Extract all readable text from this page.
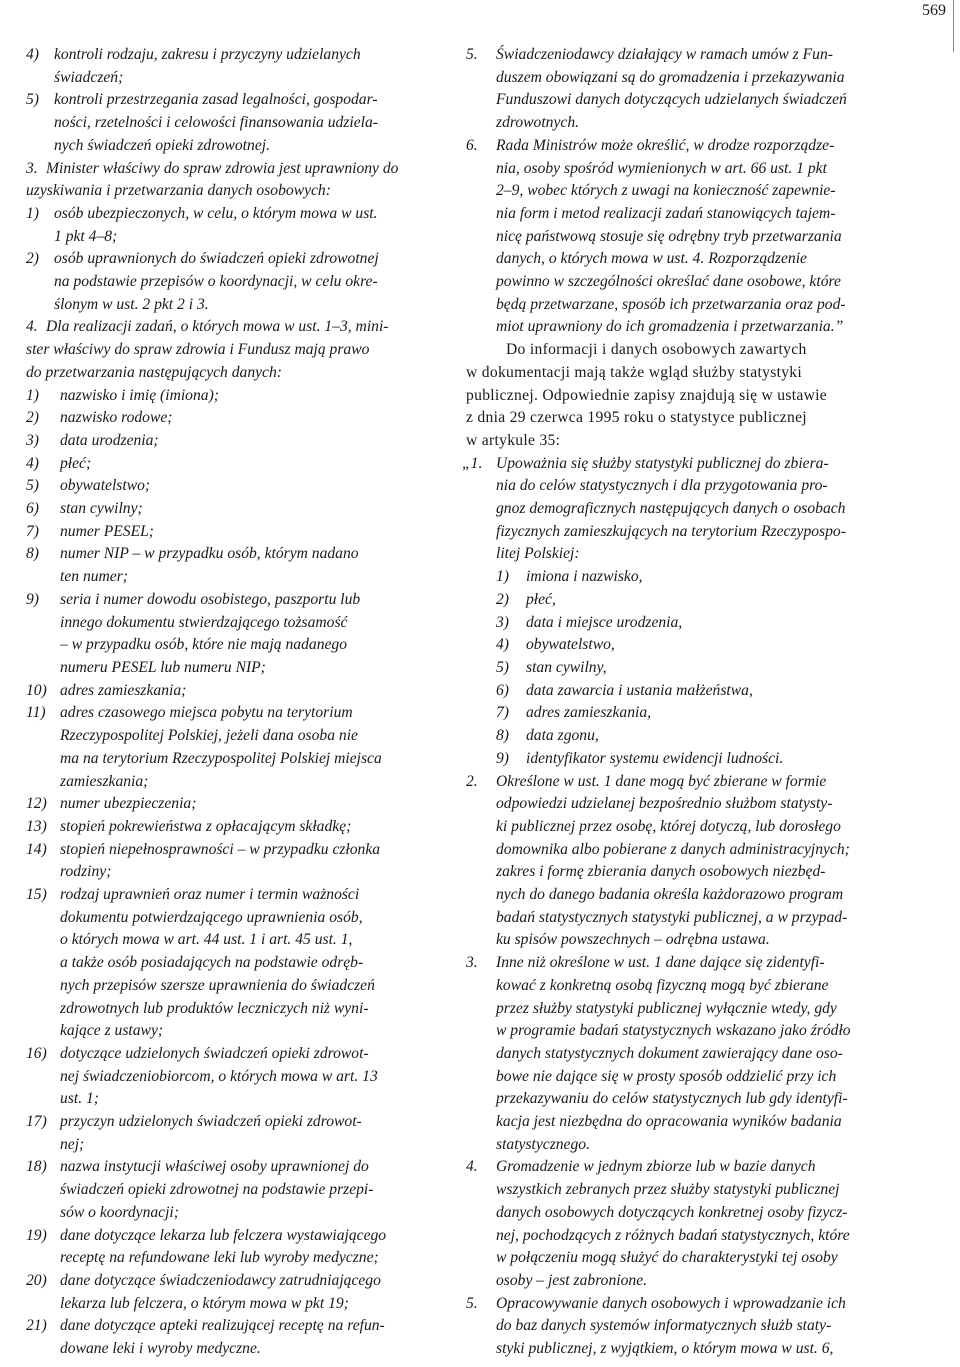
569
4) kontroli rodzaju, zakresu i przyczyny udzielanych
świadczeń;
5) kontroli przestrzegania zasad legalności, gospodar-
ności, rzetelności i celowości finansowania udziela-
nych świadczeń opieki zdrowotnej.
3. Minister właściwy do spraw zdrowia jest uprawniony do
uzyskiwania i przetwarzania danych osobowych:
1) osób ubezpieczonych, w celu, o którym mowa w ust.
1 pkt 4–8;
2) osób uprawnionych do świadczeń opieki zdrowotnej
na podstawie przepisów o koordynacji, w celu okre-
ślonym w ust. 2 pkt 2 i 3.
4. Dla realizacji zadań, o których mowa w ust. 1–3, mini-
ster właściwy do spraw zdrowia i Fundusz mają prawo
do przetwarzania następujących danych:
1)	nazwisko i imię (imiona);
2)	nazwisko rodowe;
3)	data urodzenia;
4)	płeć;
5)	obywatelstwo;
6)	stan cywilny;
7)	numer PESEL;
8)	numer NIP – w przypadku osób, którym nadano
ten numer;
9)	seria i numer dowodu osobistego, paszportu lub
innego dokumentu stwierdzającego tożsamość
– w przypadku osób, które nie mają nadanego
numeru PESEL lub numeru NIP;
10) adres zamieszkania;
11) adres czasowego miejsca pobytu na terytorium
Rzeczypospolitej Polskiej, jeżeli dana osoba nie
ma na terytorium Rzeczypospolitej Polskiej miejsca
zamieszkania;
12) numer ubezpieczenia;
13) stopień pokrewieństwa z opłacającym składkę;
14) stopień niepełnosprawności – w przypadku członka
rodziny;
15) rodzaj uprawnień oraz numer i termin ważności
dokumentu potwierdzającego uprawnienia osób,
o których mowa w art. 44 ust. 1 i art. 45 ust. 1,
a także osób posiadających na podstawie odręb-
nych przepisów szersze uprawnienia do świadczeń
zdrowotnych lub produktów leczniczych niż wyni-
kające z ustawy;
16) dotyczące udzielonych świadczeń opieki zdrowot-
nej świadczeniobiorcom, o których mowa w art. 13
ust. 1;
17) przyczyn udzielonych świadczeń opieki zdrowot-
nej;
18) nazwa instytucji właściwej osoby uprawnionej do
świadczeń opieki zdrowotnej na podstawie przepi-
sów o koordynacji;
19) dane dotyczące lekarza lub felczera wystawiającego
receptę na refundowane leki lub wyroby medyczne;
20) dane dotyczące świadczeniodawcy zatrudniającego
lekarza lub felczera, o którym mowa w pkt 19;
21) dane dotyczące apteki realizującej receptę na refun-
dowane leki i wyroby medyczne.
5.	Świadczeniodawcy działający w ramach umów z Fun-
duszem obowiązani są do gromadzenia i przekazywania
Funduszowi danych dotyczących udzielanych świadczeń
zdrowotnych.
6.	Rada Ministrów może określić, w drodze rozporządze-
nia, osoby spośród wymienionych w art. 66 ust. 1 pkt
2–9, wobec których z uwagi na konieczność zapewnie-
nia form i metod realizacji zadań stanowiących tajem-
nicę państwową stosuje się odrębny tryb przetwarzania
danych, o których mowa w ust. 4. Rozporządzenie
powinno w szczególności określać dane osobowe, które
będą przetwarzane, sposób ich przetwarzania oraz pod-
miot uprawniony do ich gromadzenia i przetwarzania.”
Do informacji i danych osobowych zawartych
w dokumentacji mają także wgląd służby statystyki
publicznej. Odpowiednie zapisy znajdują się w ustawie
z dnia 29 czerwca 1995 roku o statystyce publicznej
w artykule 35:
„1. Upoważnia się służby statystyki publicznej do zbiera-
nia do celów statystycznych i dla przygotowania pro-
gnoz demograficznych następujących danych o osobach
fizycznych zamieszkujących na terytorium Rzeczypospo-
litej Polskiej:
1) imiona i nazwisko,
2) płeć,
3) data i miejsce urodzenia,
4) obywatelstwo,
5) stan cywilny,
6) data zawarcia i ustania małżeństwa,
7) adres zamieszkania,
8) data zgonu,
9) identyfikator systemu ewidencji ludności.
2.	Określone w ust. 1 dane mogą być zbierane w formie
odpowiedzi udzielanej bezpośrednio służbom statysty-
ki publicznej przez osobę, której dotyczą, lub dorosłego
domownika albo pobierane z danych administracyjnych;
zakres i formę zbierania danych osobowych niezbęd-
nych do danego badania określa każdorazowo program
badań statystycznych statystyki publicznej, a w przypad-
ku spisów powszechnych – odrębna ustawa.
3.	Inne niż określone w ust. 1 dane dające się zidentyfi-
kować z konkretną osobą fizyczną mogą być zbierane
przez służby statystyki publicznej wyłącznie wtedy, gdy
w programie badań statystycznych wskazano jako źródło
danych statystycznych dokument zawierający dane oso-
bowe nie dające się w prosty sposób oddzielić przy ich
przekazywaniu do celów statystycznych lub gdy identyfi-
kacja jest niezbędna do opracowania wyników badania
statystycznego.
4.	Gromadzenie w jednym zbiorze lub w bazie danych
wszystkich zebranych przez służby statystyki publicznej
danych osobowych dotyczących konkretnej osoby fizycz-
nej, pochodzących z różnych badań statystycznych, które
w połączeniu mogą służyć do charakterystyki tej osoby
osoby – jest zabronione.
5.	Opracowywanie danych osobowych i wprowadzanie ich
do baz danych systemów informatycznych służb staty-
styki publicznej, z wyjątkiem, o którym mowa w ust. 6,
